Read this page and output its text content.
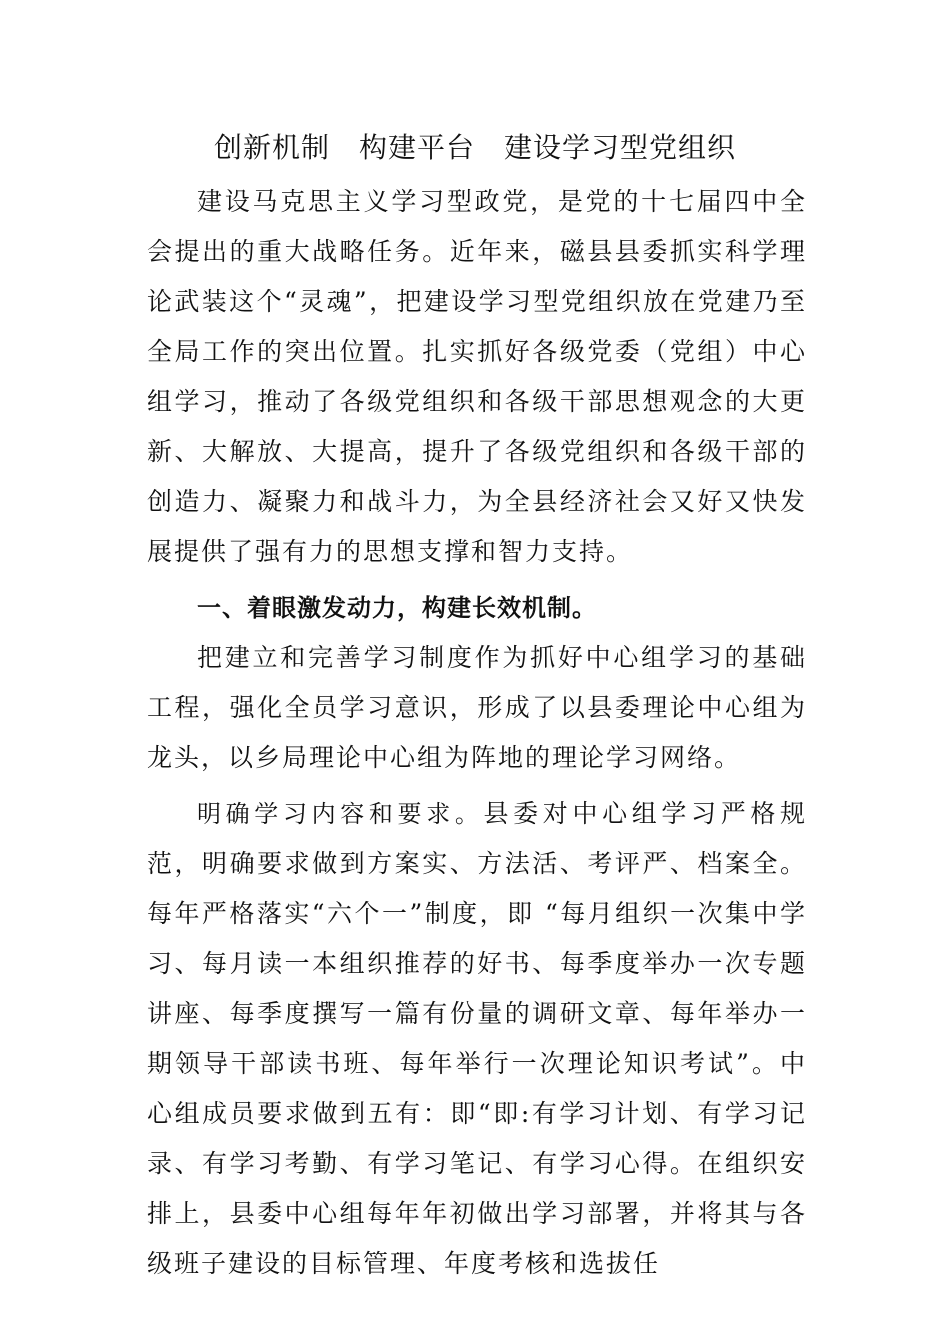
创新机制　构建平台　建设学习型党组织

建设马克思主义学习型政党，是党的十七届四中全会提出的重大战略任务。近年来，磁县县委抓实科学理论武装这个“灵魂”，把建设学习型党组织放在党建乃至全局工作的突出位置。扎实抓好各级党委（党组）中心组学习，推动了各级党组织和各级干部思想观念的大更新、大解放、大提高，提升了各级党组织和各级干部的创造力、凝聚力和战斗力，为全县经济社会又好又快发展提供了强有力的思想支撑和智力支持。

一、着眼激发动力，构建长效机制。

把建立和完善学习制度作为抓好中心组学习的基础工程，强化全员学习意识，形成了以县委理论中心组为龙头，以乡局理论中心组为阵地的理论学习网络。

明确学习内容和要求。县委对中心组学习严格规范，明确要求做到方案实、方法活、考评严、档案全。每年严格落实“六个一”制度，即 “每月组织一次集中学习、每月读一本组织推荐的好书、每季度举办一次专题讲座、每季度撰写一篇有份量的调研文章、每年举办一期领导干部读书班、每年举行一次理论知识考试”。中心组成员要求做到五有：即“即:有学习计划、有学习记录、有学习考勤、有学习笔记、有学习心得。在组织安排上，县委中心组每年年初做出学习部署，并将其与各级班子建设的目标管理、年度考核和选拔任
